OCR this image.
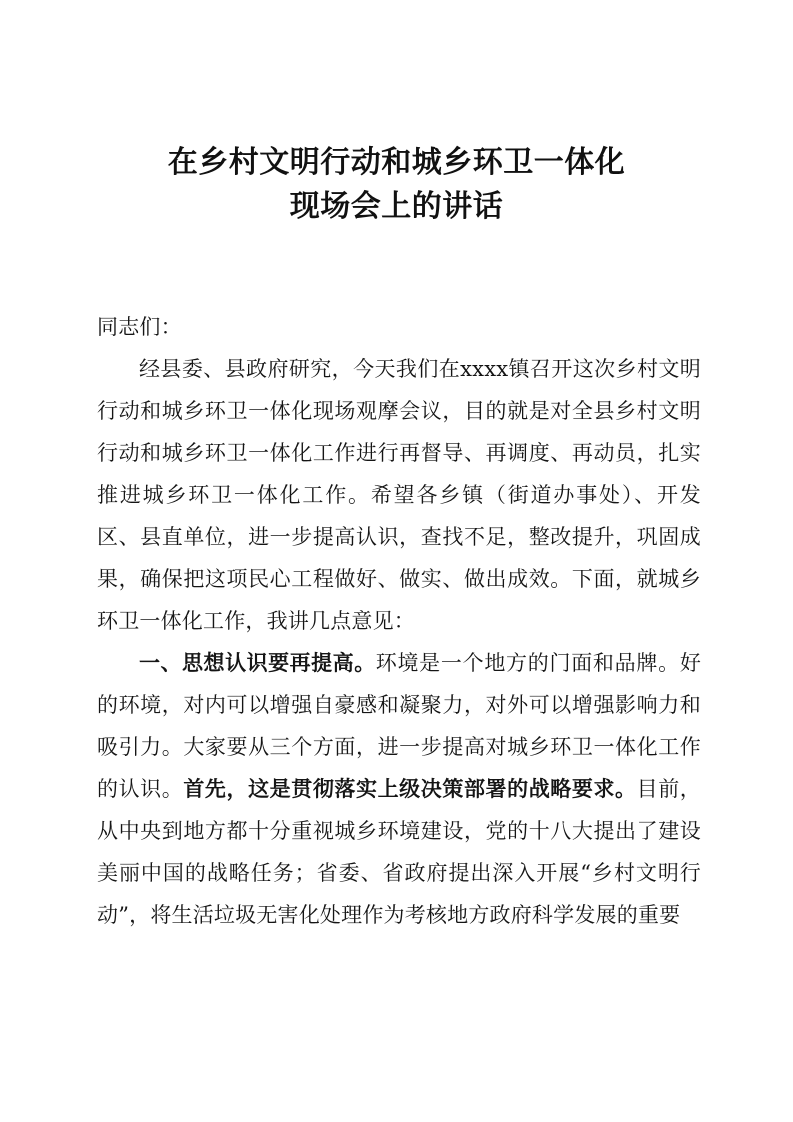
在乡村文明行动和城乡环卫一体化
现场会上的讲话

同志们：

经县委、县政府研究，今天我们在xxxx镇召开这次乡村文明行动和城乡环卫一体化现场观摩会议，目的就是对全县乡村文明行动和城乡环卫一体化工作进行再督导、再调度、再动员，扎实推进城乡环卫一体化工作。希望各乡镇（街道办事处）、开发区、县直单位，进一步提高认识，查找不足，整改提升，巩固成果，确保把这项民心工程做好、做实、做出成效。下面，就城乡环卫一体化工作，我讲几点意见：

一、思想认识要再提高。环境是一个地方的门面和品牌。好的环境，对内可以增强自豪感和凝聚力，对外可以增强影响力和吸引力。大家要从三个方面，进一步提高对城乡环卫一体化工作的认识。首先，这是贯彻落实上级决策部署的战略要求。目前，从中央到地方都十分重视城乡环境建设，党的十八大提出了建设美丽中国的战略任务；省委、省政府提出深入开展“乡村文明行动”，将生活垃圾无害化处理作为考核地方政府科学发展的重要
